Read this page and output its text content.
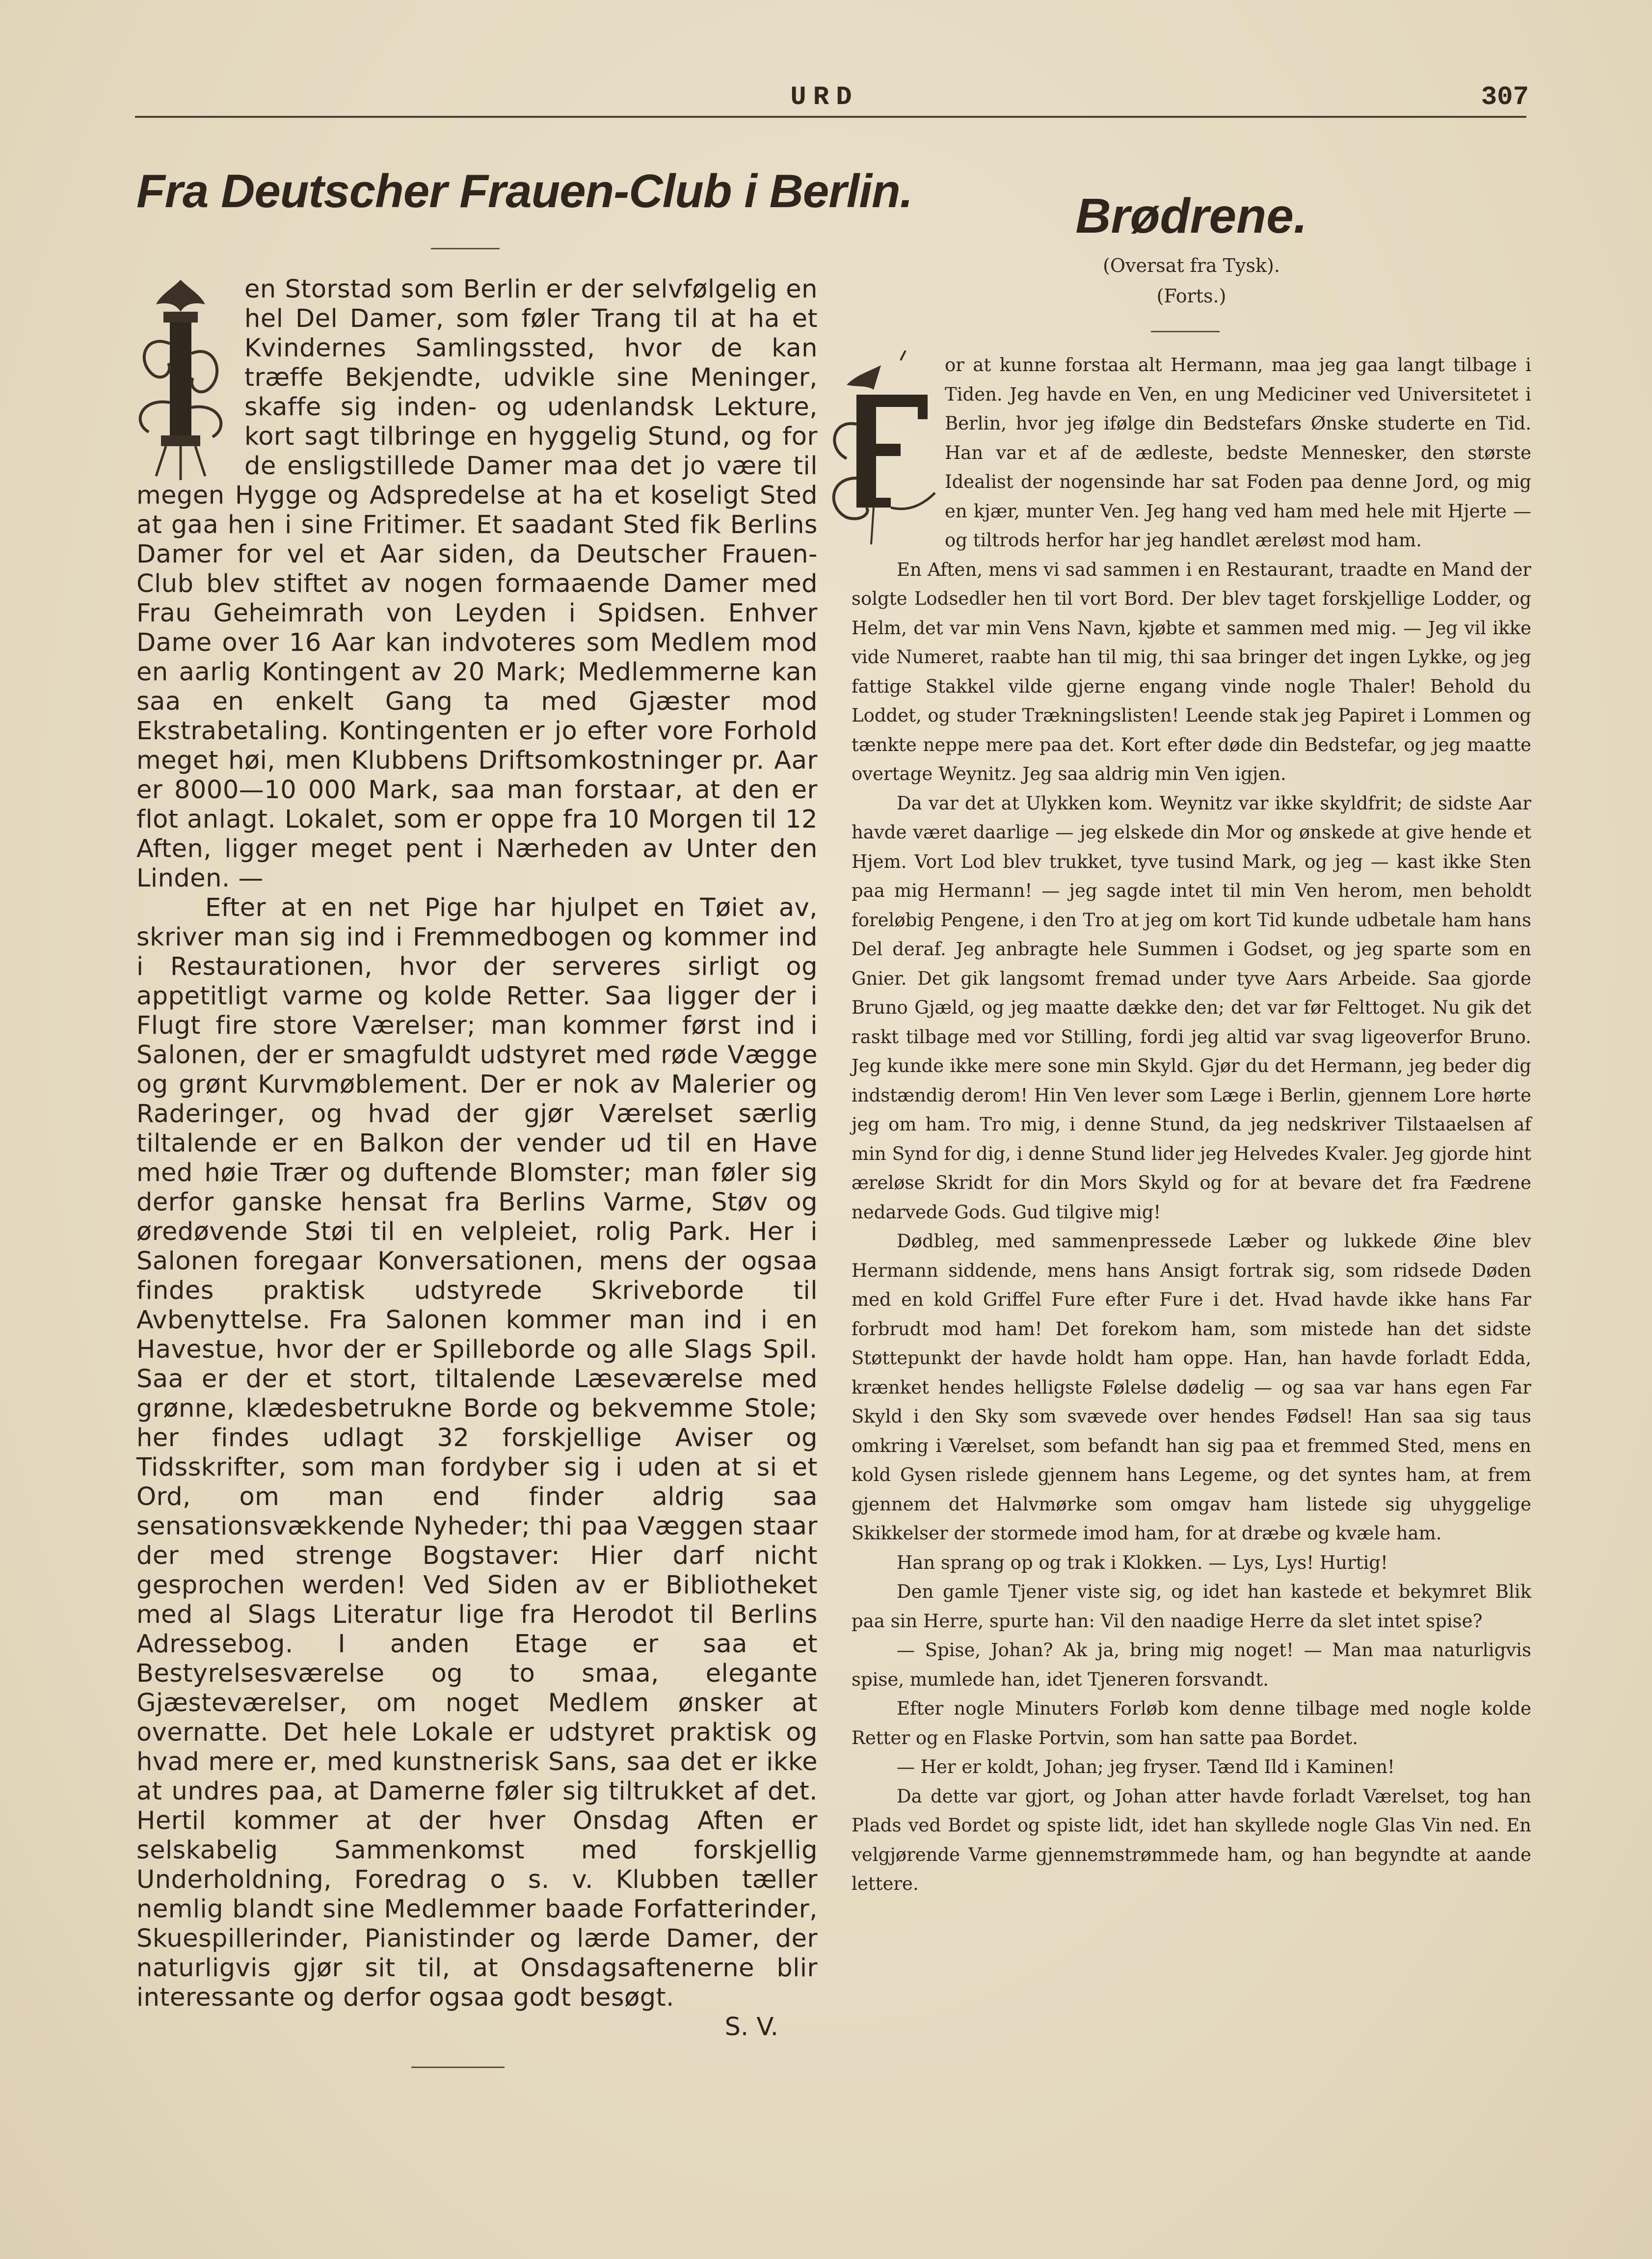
URD	307
Fra Deutscher Frauen-Club i Berlin.

en Storstad som Berlin er der selvfølgelig en hel Del Damer, som føler Trang til at ha et Kvindernes Samlingssted, hvor de kan træffe Bekjendte, udvikle sine Meninger, skaffe sig inden- og udenlandsk Lekture, kort sagt tilbringe en hyggelig Stund, og for de ensligstillede Damer maa det jo være til megen Hygge og Adspredelse at ha et koseligt Sted at gaa hen i sine Fritimer. Et saadant Sted fik Berlins Damer for vel et Aar siden, da Deutscher Frauen-Club blev stiftet av nogen formaaende Damer med Frau Geheimrath von Leyden i Spidsen. Enhver Dame over 16 Aar kan indvoteres som Medlem mod en aarlig Kontingent av 20 Mark; Medlemmerne kan saa en enkelt Gang ta med Gjæster mod Ekstrabetaling. Kontingenten er jo efter vore Forhold meget høi, men Klubbens Driftsomkostninger pr. Aar er 8000—10 000 Mark, saa man forstaar, at den er flot anlagt. Lokalet, som er oppe fra 10 Morgen til 12 Aften, ligger meget pent i Nærheden av Unter den Linden. —

Efter at en net Pige har hjulpet en Tøiet av, skriver man sig ind i Fremmedbogen og kommer ind i Restaurationen, hvor der serveres sirligt og appetitligt varme og kolde Retter. Saa ligger der i Flugt fire store Værelser; man kommer først ind i Salonen, der er smagfuldt udstyret med røde Vægge og grønt Kurvmøblement. Der er nok av Malerier og Raderinger, og hvad der gjør Værelset særlig tiltalende er en Balkon der vender ud til en Have med høie Trær og duftende Blomster; man føler sig derfor ganske hensat fra Berlins Varme, Støv og øredøvende Støi til en velpleiet, rolig Park. Her i Salonen foregaar Konversationen, mens der ogsaa findes praktisk udstyrede Skriveborde til Avbenyttelse. Fra Salonen kommer man ind i en Havestue, hvor der er Spilleborde og alle Slags Spil. Saa er der et stort, tiltalende Læseværelse med grønne, klædesbetrukne Borde og bekvemme Stole; her findes udlagt 32 forskjellige Aviser og Tidsskrifter, som man fordyber sig i uden at si et Ord, om man end finder aldrig saa sensationsvækkende Nyheder; thi paa Væggen staar der med strenge Bogstaver: Hier darf nicht gesprochen werden! Ved Siden av er Bibliotheket med al Slags Literatur lige fra Herodot til Berlins Adressebog. I anden Etage er saa et Bestyrelsesværelse og to smaa, elegante Gjæsteværelser, om noget Medlem ønsker at overnatte. Det hele Lokale er udstyret praktisk og hvad mere er, med kunstnerisk Sans, saa det er ikke at undres paa, at Damerne føler sig tiltrukket af det. Hertil kommer at der hver Onsdag Aften er selskabelig Sammenkomst med forskjellig Underholdning, Foredrag o s. v. Klubben tæller nemlig blandt sine Medlemmer baade Forfatterinder, Skuespillerinder, Pianistinder og lærde Damer, der naturligvis gjør sit til, at Onsdagsaftenerne blir interessante og derfor ogsaa godt besøgt.

S. V.
Brødrene.

(Oversat fra Tysk).

(Forts.)

or at kunne forstaa alt Hermann, maa jeg gaa langt tilbage i Tiden. Jeg havde en Ven, en ung Mediciner ved Universitetet i Berlin, hvor jeg ifølge din Bedstefars Ønske studerte en Tid. Han var et af de ædleste, bedste Mennesker, den største Idealist der nogensinde har sat Foden paa denne Jord, og mig en kjær, munter Ven. Jeg hang ved ham med hele mit Hjerte — og tiltrods herfor har jeg handlet æreløst mod ham.

En Aften, mens vi sad sammen i en Restaurant, traadte en Mand der solgte Lodsedler hen til vort Bord. Der blev taget forskjellige Lodder, og Helm, det var min Vens Navn, kjøbte et sammen med mig. — Jeg vil ikke vide Numeret, raabte han til mig, thi saa bringer det ingen Lykke, og jeg fattige Stakkel vilde gjerne engang vinde nogle Thaler! Behold du Loddet, og studer Trækningslisten! Leende stak jeg Papiret i Lommen og tænkte neppe mere paa det. Kort efter døde din Bedstefar, og jeg maatte overtage Weynitz. Jeg saa aldrig min Ven igjen.

Da var det at Ulykken kom. Weynitz var ikke skyldfrit; de sidste Aar havde været daarlige — jeg elskede din Mor og ønskede at give hende et Hjem. Vort Lod blev trukket, tyve tusind Mark, og jeg — kast ikke Sten paa mig Hermann! — jeg sagde intet til min Ven herom, men beholdt foreløbig Pengene, i den Tro at jeg om kort Tid kunde udbetale ham hans Del deraf. Jeg anbragte hele Summen i Godset, og jeg sparte som en Gnier. Det gik langsomt fremad under tyve Aars Arbeide. Saa gjorde Bruno Gjæld, og jeg maatte dække den; det var før Felttoget. Nu gik det raskt tilbage med vor Stilling, fordi jeg altid var svag ligeoverfor Bruno. Jeg kunde ikke mere sone min Skyld. Gjør du det Hermann, jeg beder dig indstændig derom! Hin Ven lever som Læge i Berlin, gjennem Lore hørte jeg om ham. Tro mig, i denne Stund, da jeg nedskriver Tilstaaelsen af min Synd for dig, i denne Stund lider jeg Helvedes Kvaler. Jeg gjorde hint æreløse Skridt for din Mors Skyld og for at bevare det fra Fædrene nedarvede Gods. Gud tilgive mig!

Dødbleg, med sammenpressede Læber og lukkede Øine blev Hermann siddende, mens hans Ansigt fortrak sig, som ridsede Døden med en kold Griffel Fure efter Fure i det. Hvad havde ikke hans Far forbrudt mod ham! Det forekom ham, som mistede han det sidste Støttepunkt der havde holdt ham oppe. Han, han havde forladt Edda, krænket hendes helligste Følelse dødelig — og saa var hans egen Far Skyld i den Sky som svævede over hendes Fødsel! Han saa sig taus omkring i Værelset, som befandt han sig paa et fremmed Sted, mens en kold Gysen rislede gjennem hans Legeme, og det syntes ham, at frem gjennem det Halvmørke som omgav ham listede sig uhyggelige Skikkelser der stormede imod ham, for at dræbe og kvæle ham.

Han sprang op og trak i Klokken. — Lys, Lys! Hurtig!

Den gamle Tjener viste sig, og idet han kastede et bekymret Blik paa sin Herre, spurte han: Vil den naadige Herre da slet intet spise?

— Spise, Johan? Ak ja, bring mig noget! — Man maa naturligvis spise, mumlede han, idet Tjeneren forsvandt.

Efter nogle Minuters Forløb kom denne tilbage med nogle kolde Retter og en Flaske Portvin, som han satte paa Bordet.

— Her er koldt, Johan; jeg fryser. Tænd Ild i Kaminen!

Da dette var gjort, og Johan atter havde forladt Værelset, tog han Plads ved Bordet og spiste lidt, idet han skyllede nogle Glas Vin ned. En velgjørende Varme gjennemstrømmede ham, og han begyndte at aande lettere.
